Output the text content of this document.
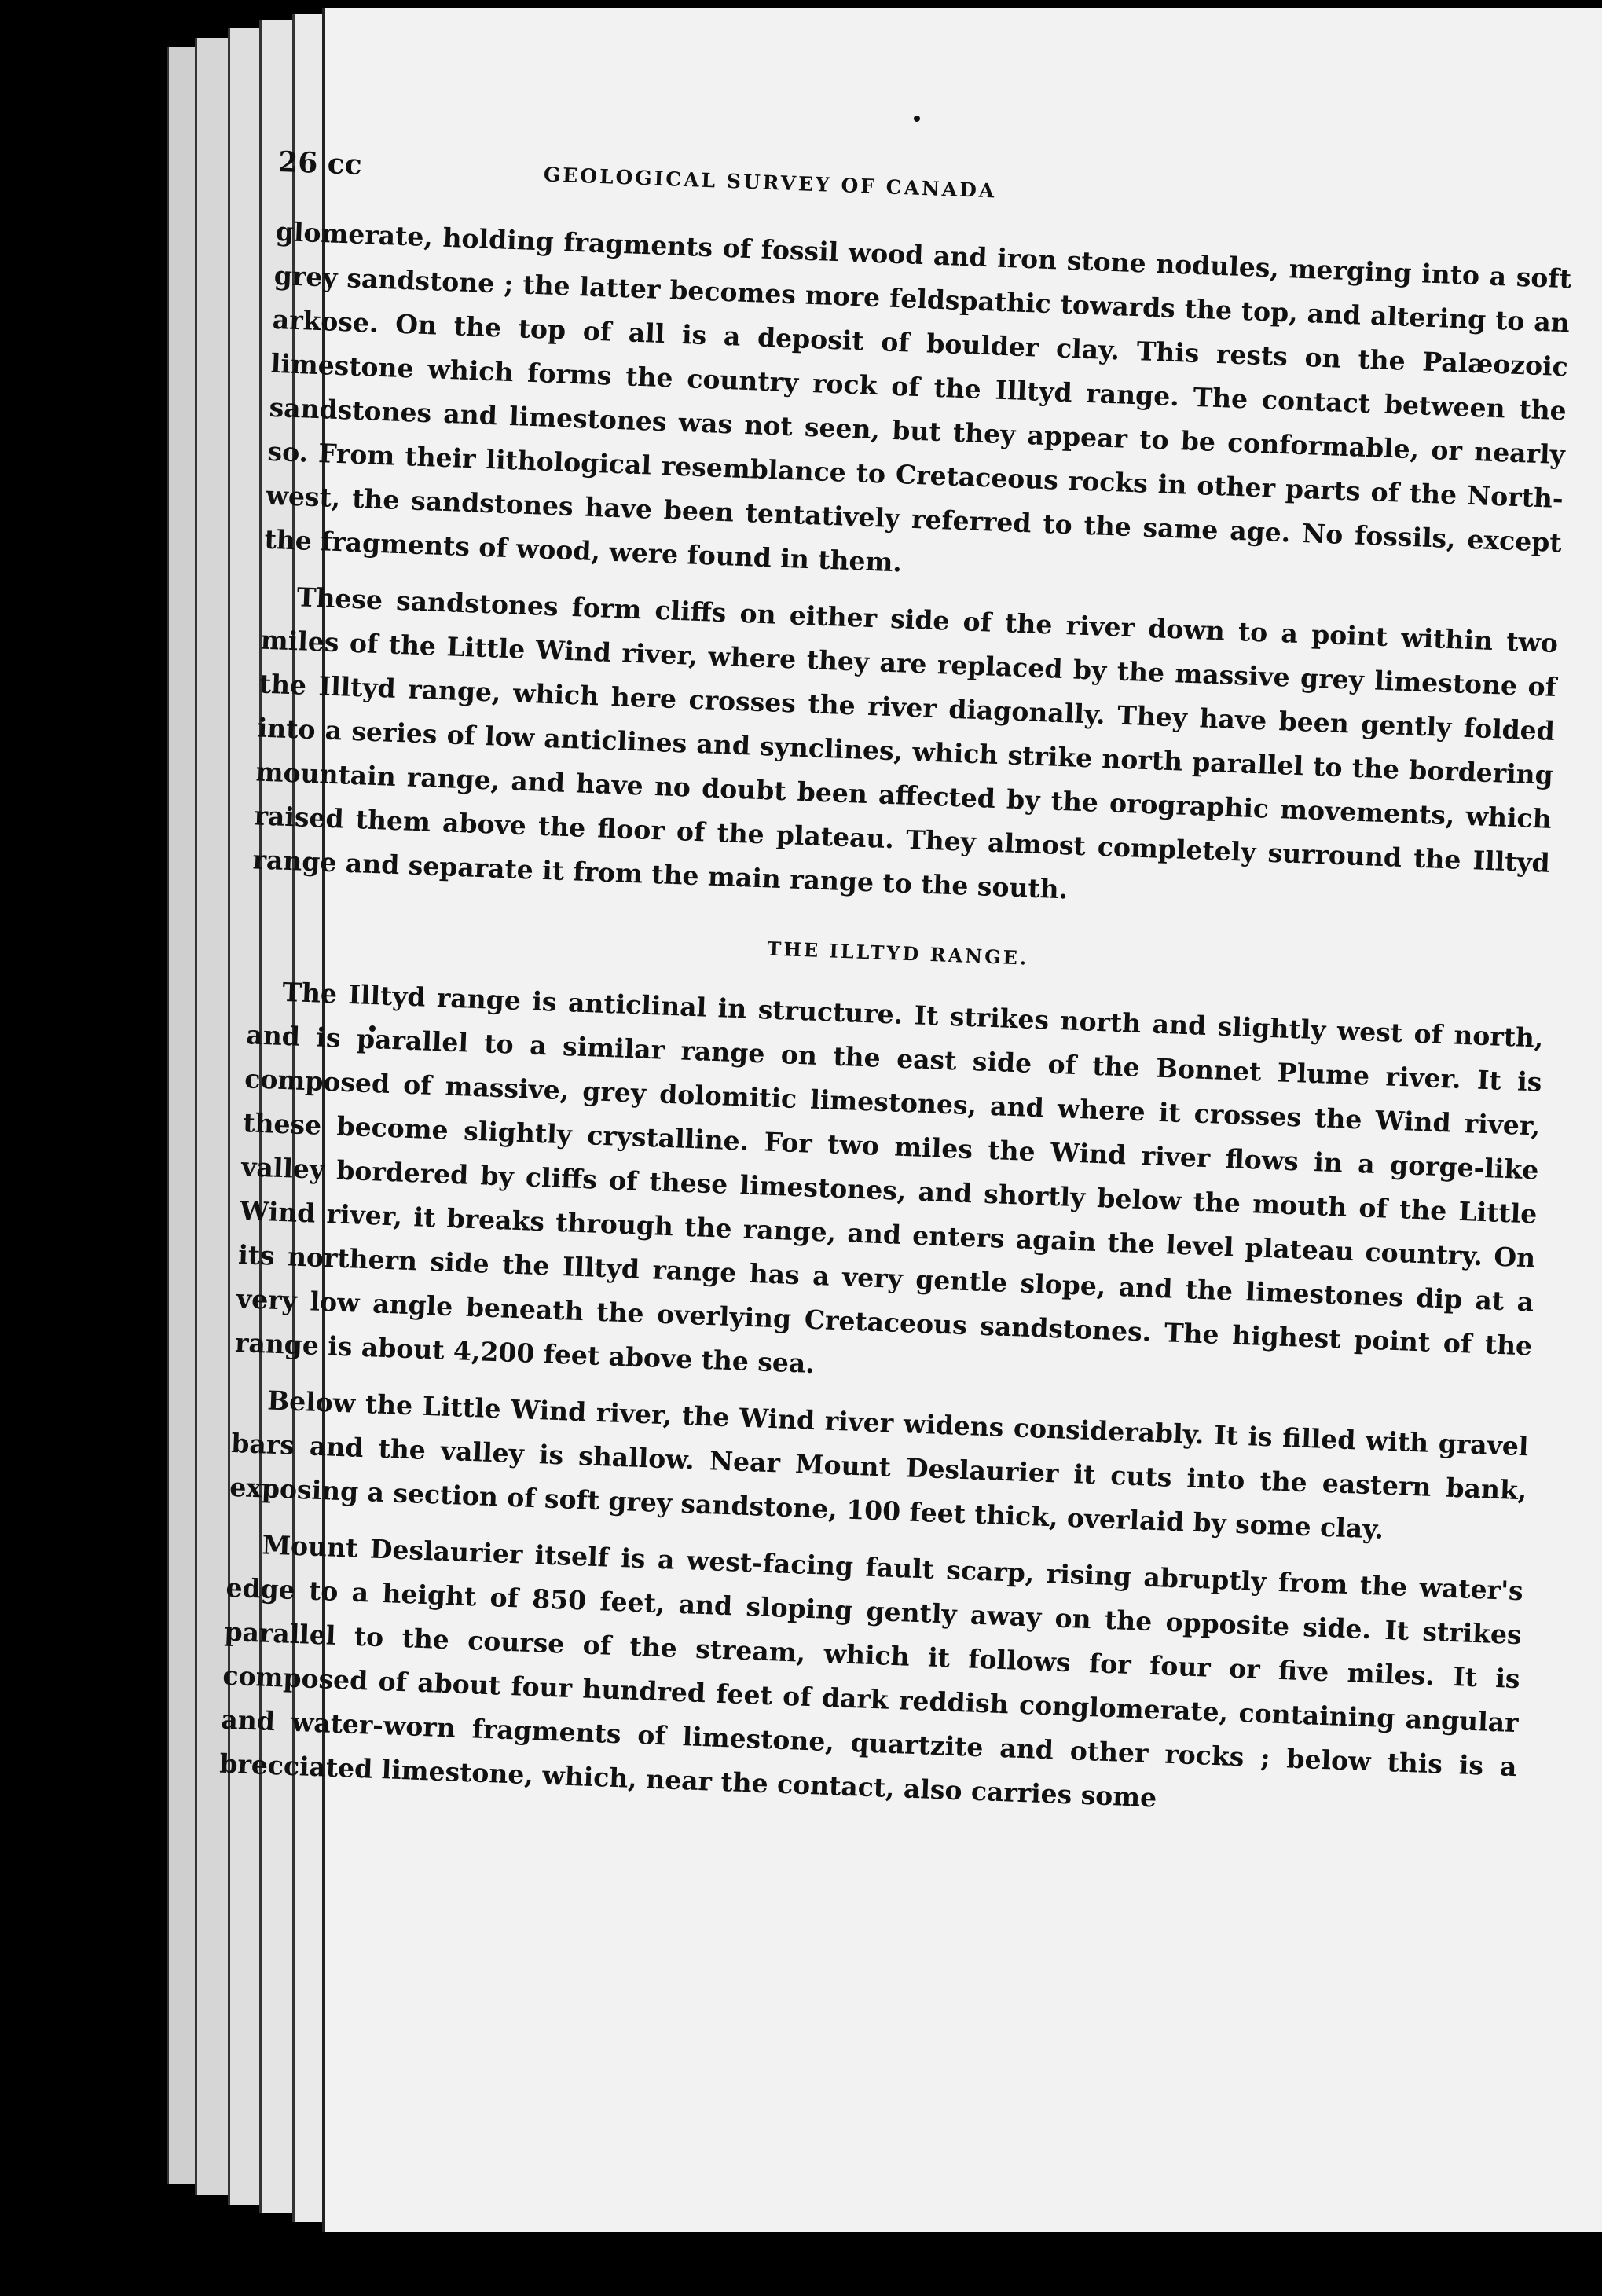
26 cc	GEOLOGICAL SURVEY OF CANADA

glomerate, holding fragments of fossil wood and iron stone nodules, merging into a soft grey sandstone ; the latter becomes more feldspathic towards the top, and altering to an arkose. On the top of all is a deposit of boulder clay. This rests on the Palæozoic limestone which forms the country rock of the Illtyd range. The contact between the sandstones and limestones was not seen, but they appear to be conformable, or nearly so. From their lithological resemblance to Cretaceous rocks in other parts of the North-west, the sandstones have been tentatively referred to the same age. No fossils, except the fragments of wood, were found in them.

These sandstones form cliffs on either side of the river down to a point within two miles of the Little Wind river, where they are replaced by the massive grey limestone of the Illtyd range, which here crosses the river diagonally. They have been gently folded into a series of low anticlines and synclines, which strike north parallel to the bordering mountain range, and have no doubt been affected by the orographic movements, which raised them above the floor of the plateau. They almost completely surround the Illtyd range and separate it from the main range to the south.

THE ILLTYD RANGE.

The Illtyd range is anticlinal in structure. It strikes north and slightly west of north, and is parallel to a similar range on the east side of the Bonnet Plume river. It is composed of massive, grey dolomitic limestones, and where it crosses the Wind river, these become slightly crystalline. For two miles the Wind river flows in a gorge-like valley bordered by cliffs of these limestones, and shortly below the mouth of the Little Wind river, it breaks through the range, and enters again the level plateau country. On its northern side the Illtyd range has a very gentle slope, and the limestones dip at a very low angle beneath the overlying Cretaceous sandstones. The highest point of the range is about 4,200 feet above the sea.

Below the Little Wind river, the Wind river widens considerably. It is filled with gravel bars and the valley is shallow. Near Mount Deslaurier it cuts into the eastern bank, exposing a section of soft grey sandstone, 100 feet thick, overlaid by some clay.

Mount Deslaurier itself is a west-facing fault scarp, rising abruptly from the water's edge to a height of 850 feet, and sloping gently away on the opposite side. It strikes parallel to the course of the stream, which it follows for four or five miles. It is composed of about four hundred feet of dark reddish conglomerate, containing angular and water-worn fragments of limestone, quartzite and other rocks ; below this is a brecciated limestone, which, near the contact, also carries some
